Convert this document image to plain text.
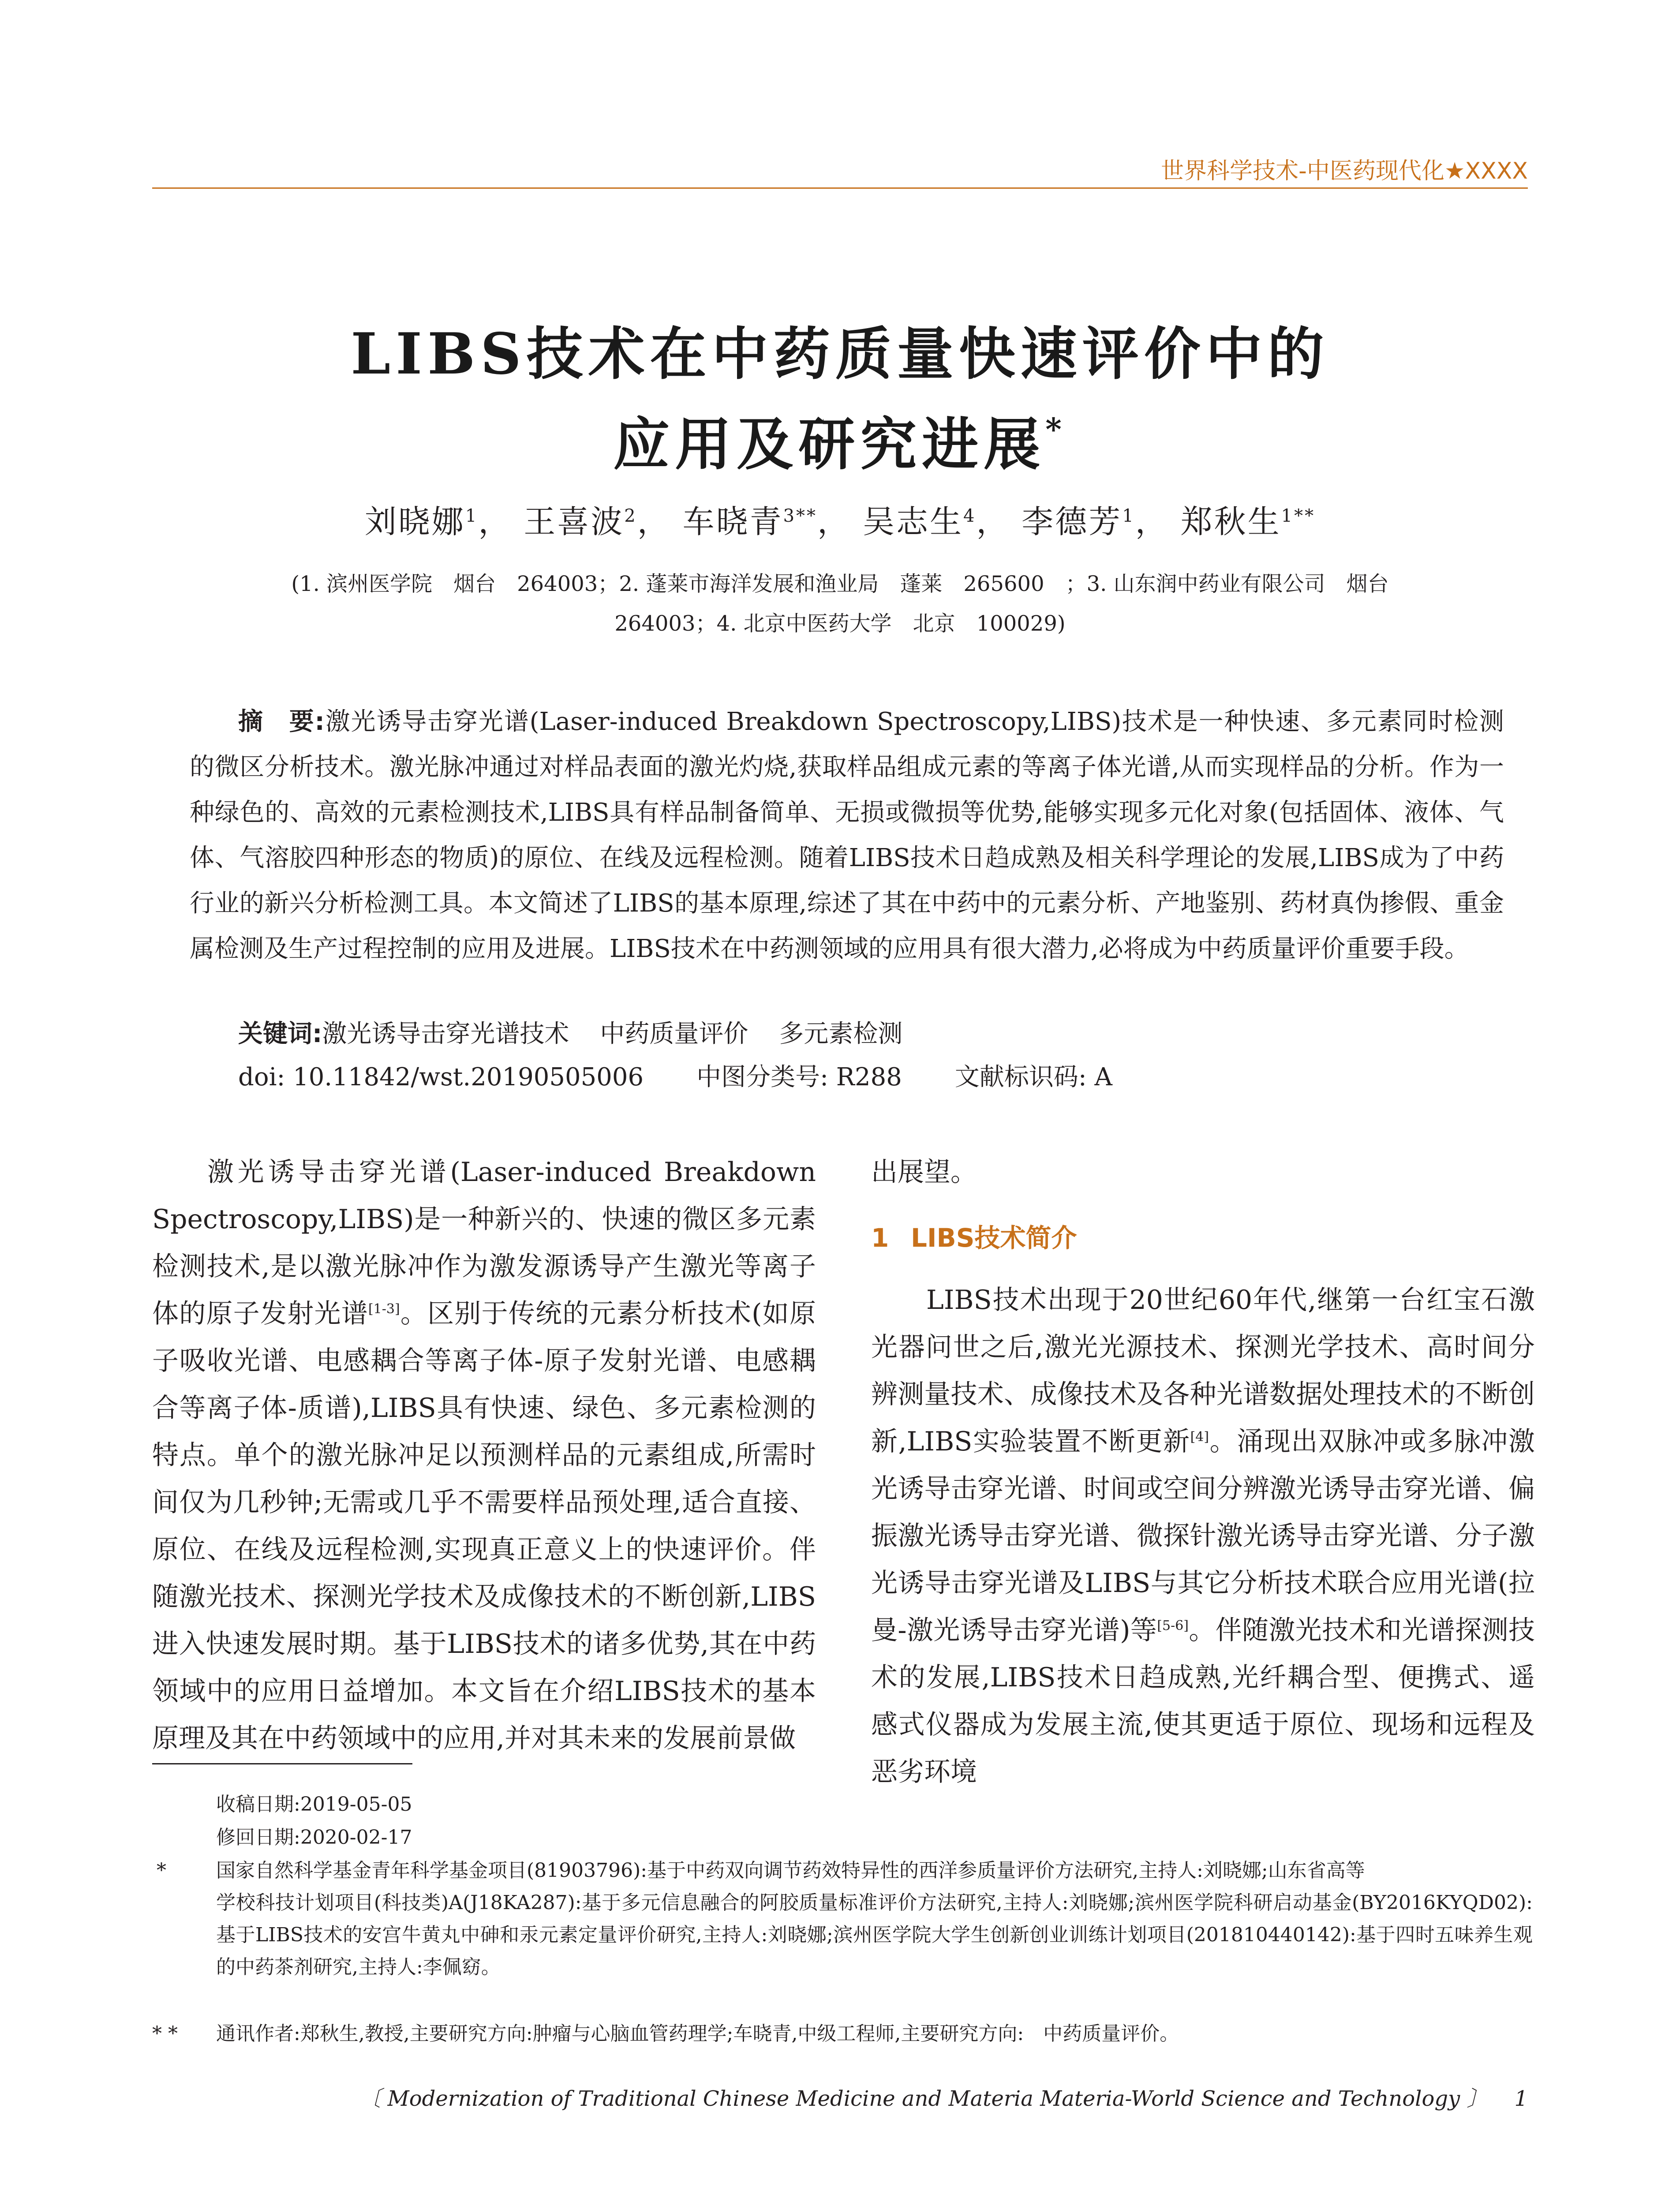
世界科学技术-中医药现代化★XXXX
LIBS技术在中药质量快速评价中的
应用及研究进展*
刘晓娜$^1$， 王喜波$^2$， 车晓青$^{3**}$， 吴志生$^4$， 李德芳$^1$， 郑秋生$^{1**}$
(1. 滨州医学院　烟台　264003；2. 蓬莱市海洋发展和渔业局　蓬莱　265600　；3. 山东润中药业有限公司　烟台
264003；4. 北京中医药大学　北京　100029)
摘　要:激光诱导击穿光谱(Laser-induced Breakdown Spectroscopy,LIBS)技术是一种快速、多元素同时检测的微区分析技术。激光脉冲通过对样品表面的激光灼烧,获取样品组成元素的等离子体光谱,从而实现样品的分析。作为一种绿色的、高效的元素检测技术,LIBS具有样品制备简单、无损或微损等优势,能够实现多元化对象(包括固体、液体、气体、气溶胶四种形态的物质)的原位、在线及远程检测。随着LIBS技术日趋成熟及相关科学理论的发展,LIBS成为了中药行业的新兴分析检测工具。本文简述了LIBS的基本原理,综述了其在中药中的元素分析、产地鉴别、药材真伪掺假、重金属检测及生产过程控制的应用及进展。LIBS技术在中药测领域的应用具有很大潜力,必将成为中药质量评价重要手段。
关键词:激光诱导击穿光谱技术 中药质量评价 多元素检测
doi: 10.11842/wst.20190505006 中图分类号: R288 文献标识码: A
激光诱导击穿光谱(Laser-induced Breakdown Spectroscopy,LIBS)是一种新兴的、快速的微区多元素检测技术,是以激光脉冲作为激发源诱导产生激光等离子体的原子发射光谱[1-3]。区别于传统的元素分析技术(如原子吸收光谱、电感耦合等离子体-原子发射光谱、电感耦合等离子体-质谱),LIBS具有快速、绿色、多元素检测的特点。单个的激光脉冲足以预测样品的元素组成,所需时间仅为几秒钟;无需或几乎不需要样品预处理,适合直接、原位、在线及远程检测,实现真正意义上的快速评价。伴随激光技术、探测光学技术及成像技术的不断创新,LIBS进入快速发展时期。基于LIBS技术的诸多优势,其在中药领域中的应用日益增加。本文旨在介绍LIBS技术的基本原理及其在中药领域中的应用,并对其未来的发展前景做
出展望。
1 LIBS技术简介
LIBS技术出现于20世纪60年代,继第一台红宝石激光器问世之后,激光光源技术、探测光学技术、高时间分辨测量技术、成像技术及各种光谱数据处理技术的不断创新,LIBS实验装置不断更新[4]。涌现出双脉冲或多脉冲激光诱导击穿光谱、时间或空间分辨激光诱导击穿光谱、偏振激光诱导击穿光谱、微探针激光诱导击穿光谱、分子激光诱导击穿光谱及LIBS与其它分析技术联合应用光谱(拉曼-激光诱导击穿光谱)等[5-6]。伴随激光技术和光谱探测技术的发展,LIBS技术日趋成熟,光纤耦合型、便携式、遥感式仪器成为发展主流,使其更适于原位、现场和远程及恶劣环境
收稿日期:2019-05-05
修回日期:2020-02-17
*	国家自然科学基金青年科学基金项目(81903796):基于中药双向调节药效特异性的西洋参质量评价方法研究,主持人:刘晓娜;山东省高等
学校科技计划项目(科技类)A(J18KA287):基于多元信息融合的阿胶质量标准评价方法研究,主持人:刘晓娜;滨州医学院科研启动基金(BY2016KYQD02):基于LIBS技术的安宫牛黄丸中砷和汞元素定量评价研究,主持人:刘晓娜;滨州医学院大学生创新创业训练计划项目(201810440142):基于四时五味养生观的中药茶剂研究,主持人:李佩窈。
* * 通讯作者:郑秋生,教授,主要研究方向:肿瘤与心脑血管药理学;车晓青,中级工程师,主要研究方向:　中药质量评价。
〔 Modernization of Traditional Chinese Medicine and Materia Materia-World Science and Technology 〕 1
